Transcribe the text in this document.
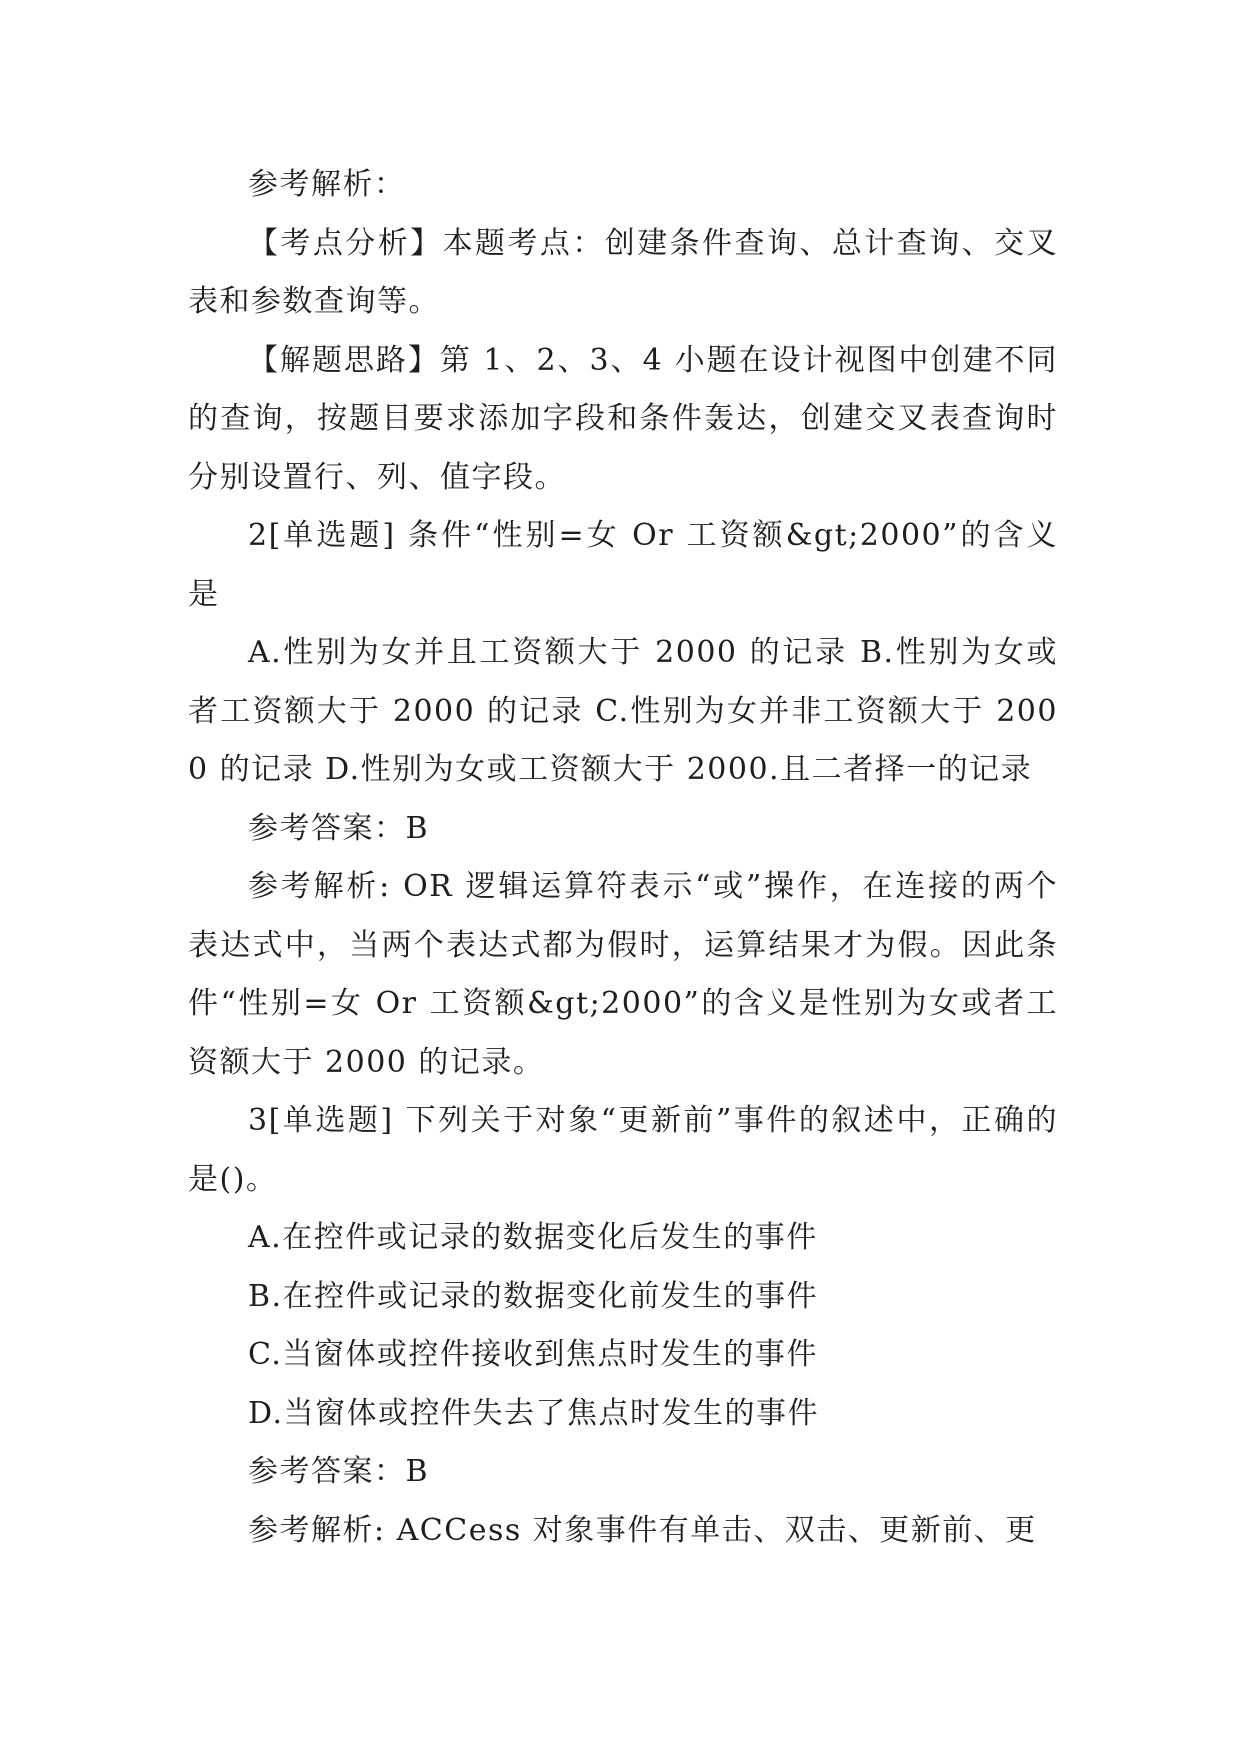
参考解析：

【考点分析】本题考点：创建条件查询、总计查询、交叉表和参数查询等。

【解题思路】第 1、2、3、4 小题在设计视图中创建不同的查询，按题目要求添加字段和条件轰达，创建交叉表查询时分别设置行、列、值字段。

2[单选题] 条件“性别=女 Or 工资额&gt;2000”的含义是

A.性别为女并且工资额大于 2000 的记录 B.性别为女或者工资额大于 2000 的记录 C.性别为女并非工资额大于 2000 的记录 D.性别为女或工资额大于 2000.且二者择一的记录

参考答案：B

参考解析: OR 逻辑运算符表示“或”操作，在连接的两个表达式中，当两个表达式都为假时，运算结果才为假。因此条件“性别=女 Or 工资额&gt;2000”的含义是性别为女或者工资额大于 2000 的记录。

3[单选题] 下列关于对象“更新前”事件的叙述中，正确的是()。

A.在控件或记录的数据变化后发生的事件

B.在控件或记录的数据变化前发生的事件

C.当窗体或控件接收到焦点时发生的事件

D.当窗体或控件失去了焦点时发生的事件

参考答案：B

参考解析: ACCess 对象事件有单击、双击、更新前、更
